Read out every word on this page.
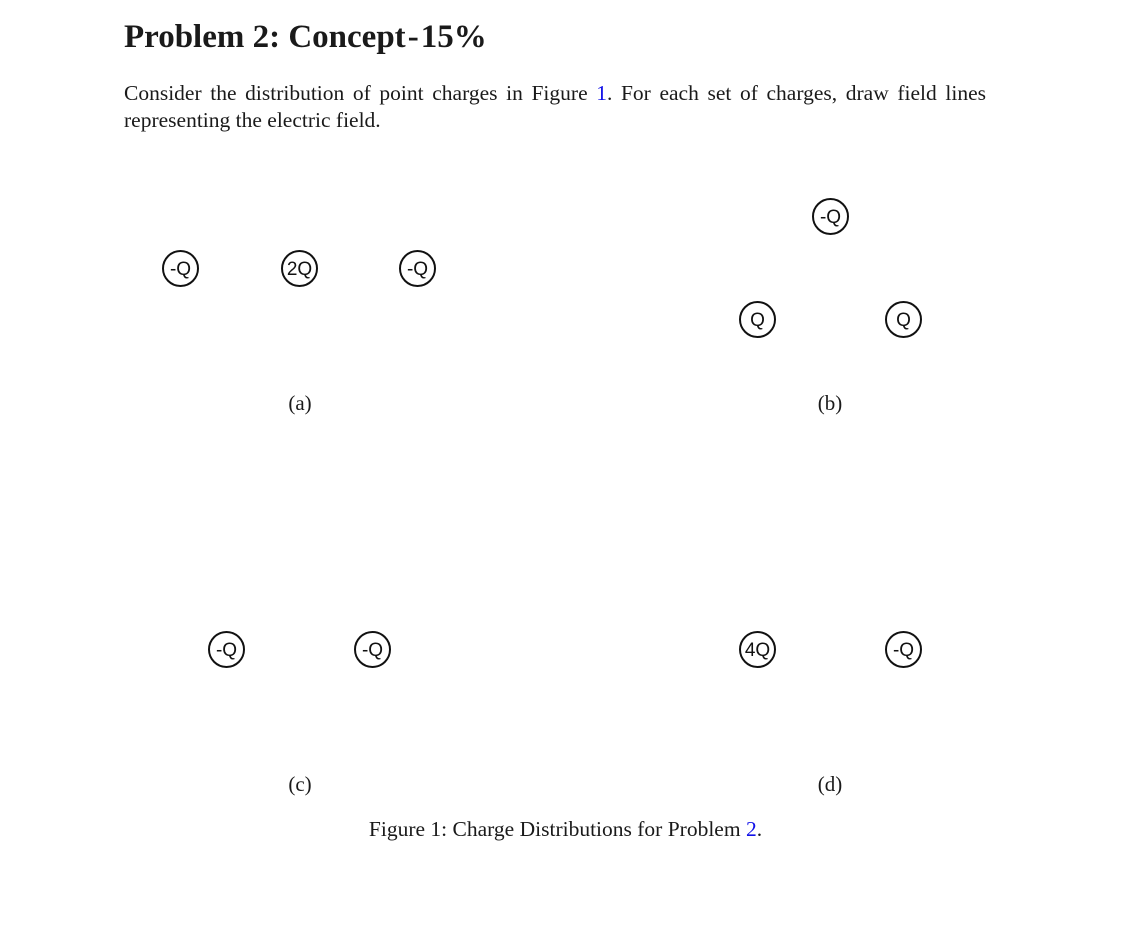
Problem 2: Concept-15%

Consider the distribution of point charges in Figure 1. For each set of charges, draw field lines representing the electric field.

-Q	2Q	-Q
(a)
-Q
Q	Q
(b)
-Q	-Q
(c)
4Q	-Q
(d)
Figure 1: Charge Distributions for Problem 2.
